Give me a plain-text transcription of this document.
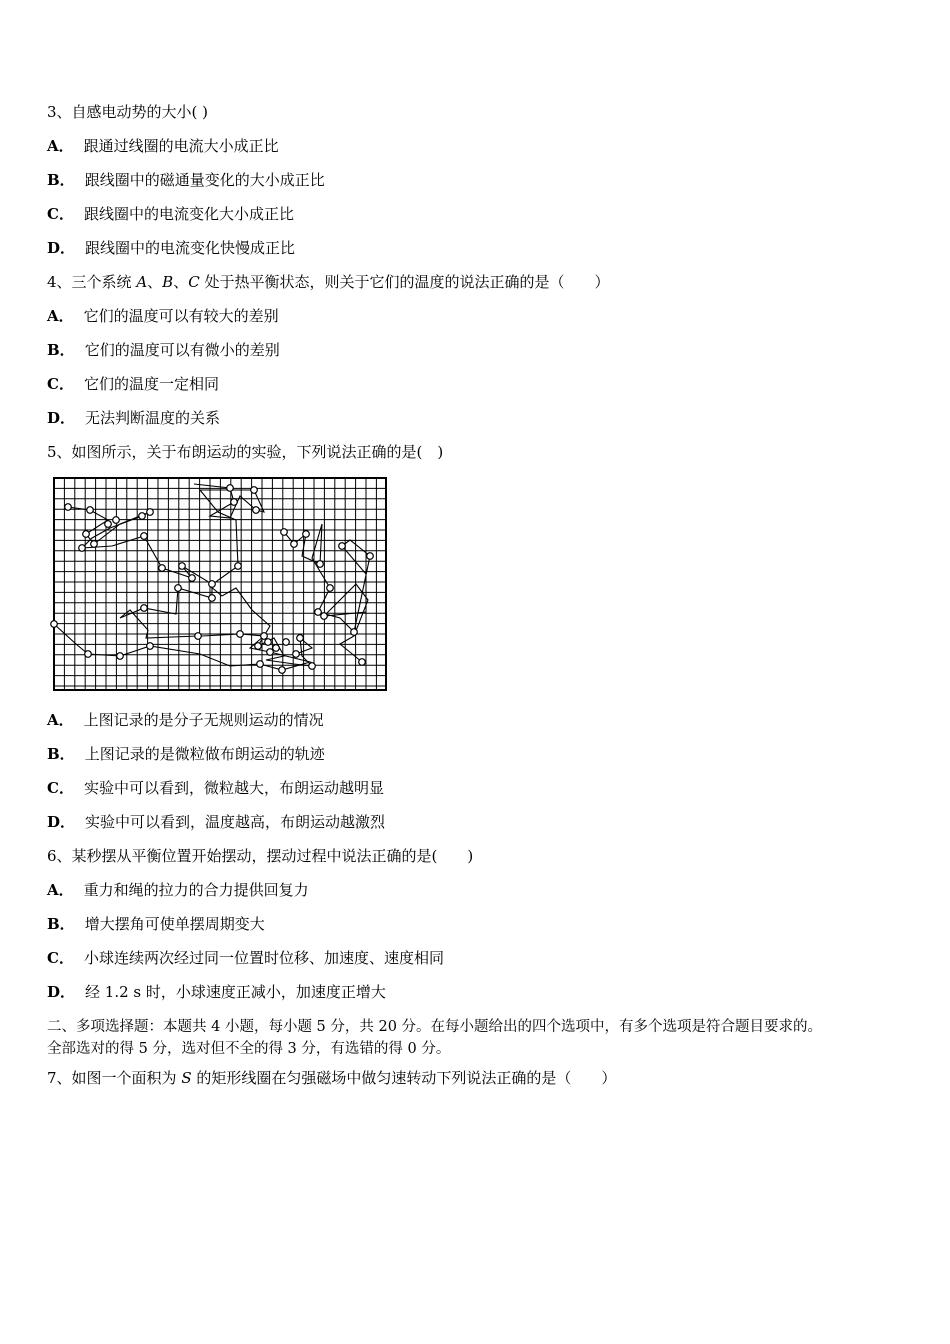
3、自感电动势的大小( )
A． 跟通过线圈的电流大小成正比
B． 跟线圈中的磁通量变化的大小成正比
C． 跟线圈中的电流变化大小成正比
D． 跟线圈中的电流变化快慢成正比
4、三个系统 A、B、C 处于热平衡状态，则关于它们的温度的说法正确的是（　　）
A． 它们的温度可以有较大的差别
B． 它们的温度可以有微小的差别
C． 它们的温度一定相同
D． 无法判断温度的关系
5、如图所示，关于布朗运动的实验，下列说法正确的是(　)
A． 上图记录的是分子无规则运动的情况
B． 上图记录的是微粒做布朗运动的轨迹
C． 实验中可以看到，微粒越大，布朗运动越明显
D． 实验中可以看到，温度越高，布朗运动越激烈
6、某秒摆从平衡位置开始摆动，摆动过程中说法正确的是(　　)
A． 重力和绳的拉力的合力提供回复力
B． 增大摆角可使单摆周期变大
C． 小球连续两次经过同一位置时位移、加速度、速度相同
D． 经 1.2 s 时，小球速度正减小，加速度正增大
二、多项选择题：本题共 4 小题，每小题 5 分，共 20 分。在每小题给出的四个选项中，有多个选项是符合题目要求的。
全部选对的得 5 分，选对但不全的得 3 分，有选错的得 0 分。
7、如图一个面积为 S 的矩形线圈在匀强磁场中做匀速转动下列说法正确的是（　　）
